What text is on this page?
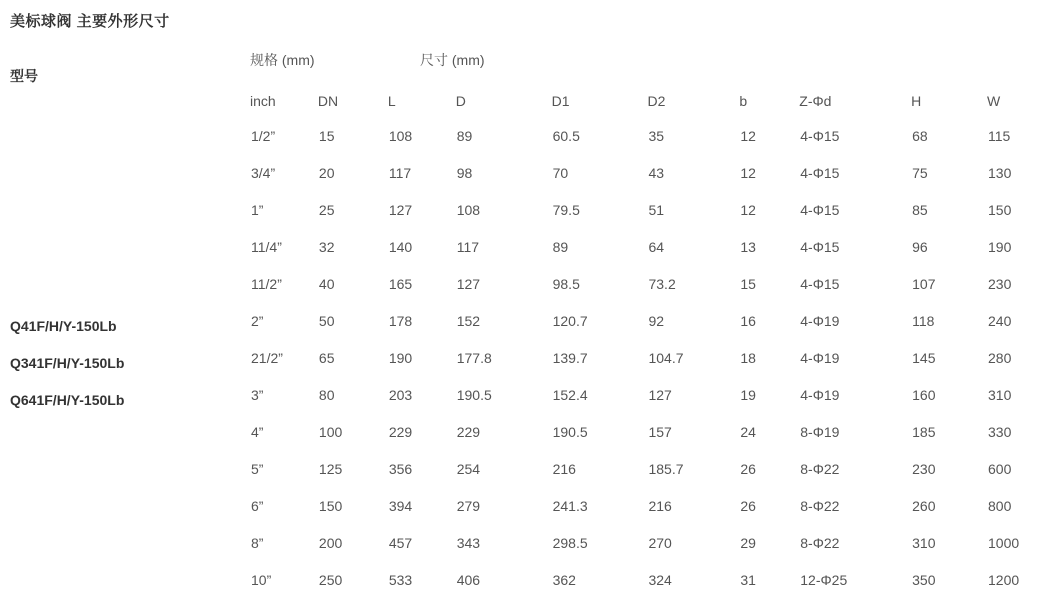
美标球阀 主要外形尺寸
规格 (mm)	尺寸 (mm)
型号
Q41F/H/Y-150Lb
Q341F/H/Y-150Lb
Q641F/H/Y-150Lb
inch	DN	L	D	D1	D2	b	Z-Φd	H	W
1/2”	15	108	89	60.5	35	12	4-Φ15	68	115
3/4”	20	117	98	70	43	12	4-Φ15	75	130
1”	25	127	108	79.5	51	12	4-Φ15	85	150
11/4”	32	140	117	89	64	13	4-Φ15	96	190
11/2”	40	165	127	98.5	73.2	15	4-Φ15	107	230
2”	50	178	152	120.7	92	16	4-Φ19	118	240
21/2”	65	190	177.8	139.7	104.7	18	4-Φ19	145	280
3”	80	203	190.5	152.4	127	19	4-Φ19	160	310
4”	100	229	229	190.5	157	24	8-Φ19	185	330
5”	125	356	254	216	185.7	26	8-Φ22	230	600
6”	150	394	279	241.3	216	26	8-Φ22	260	800
8”	200	457	343	298.5	270	29	8-Φ22	310	1000
10”	250	533	406	362	324	31	12-Φ25	350	1200
